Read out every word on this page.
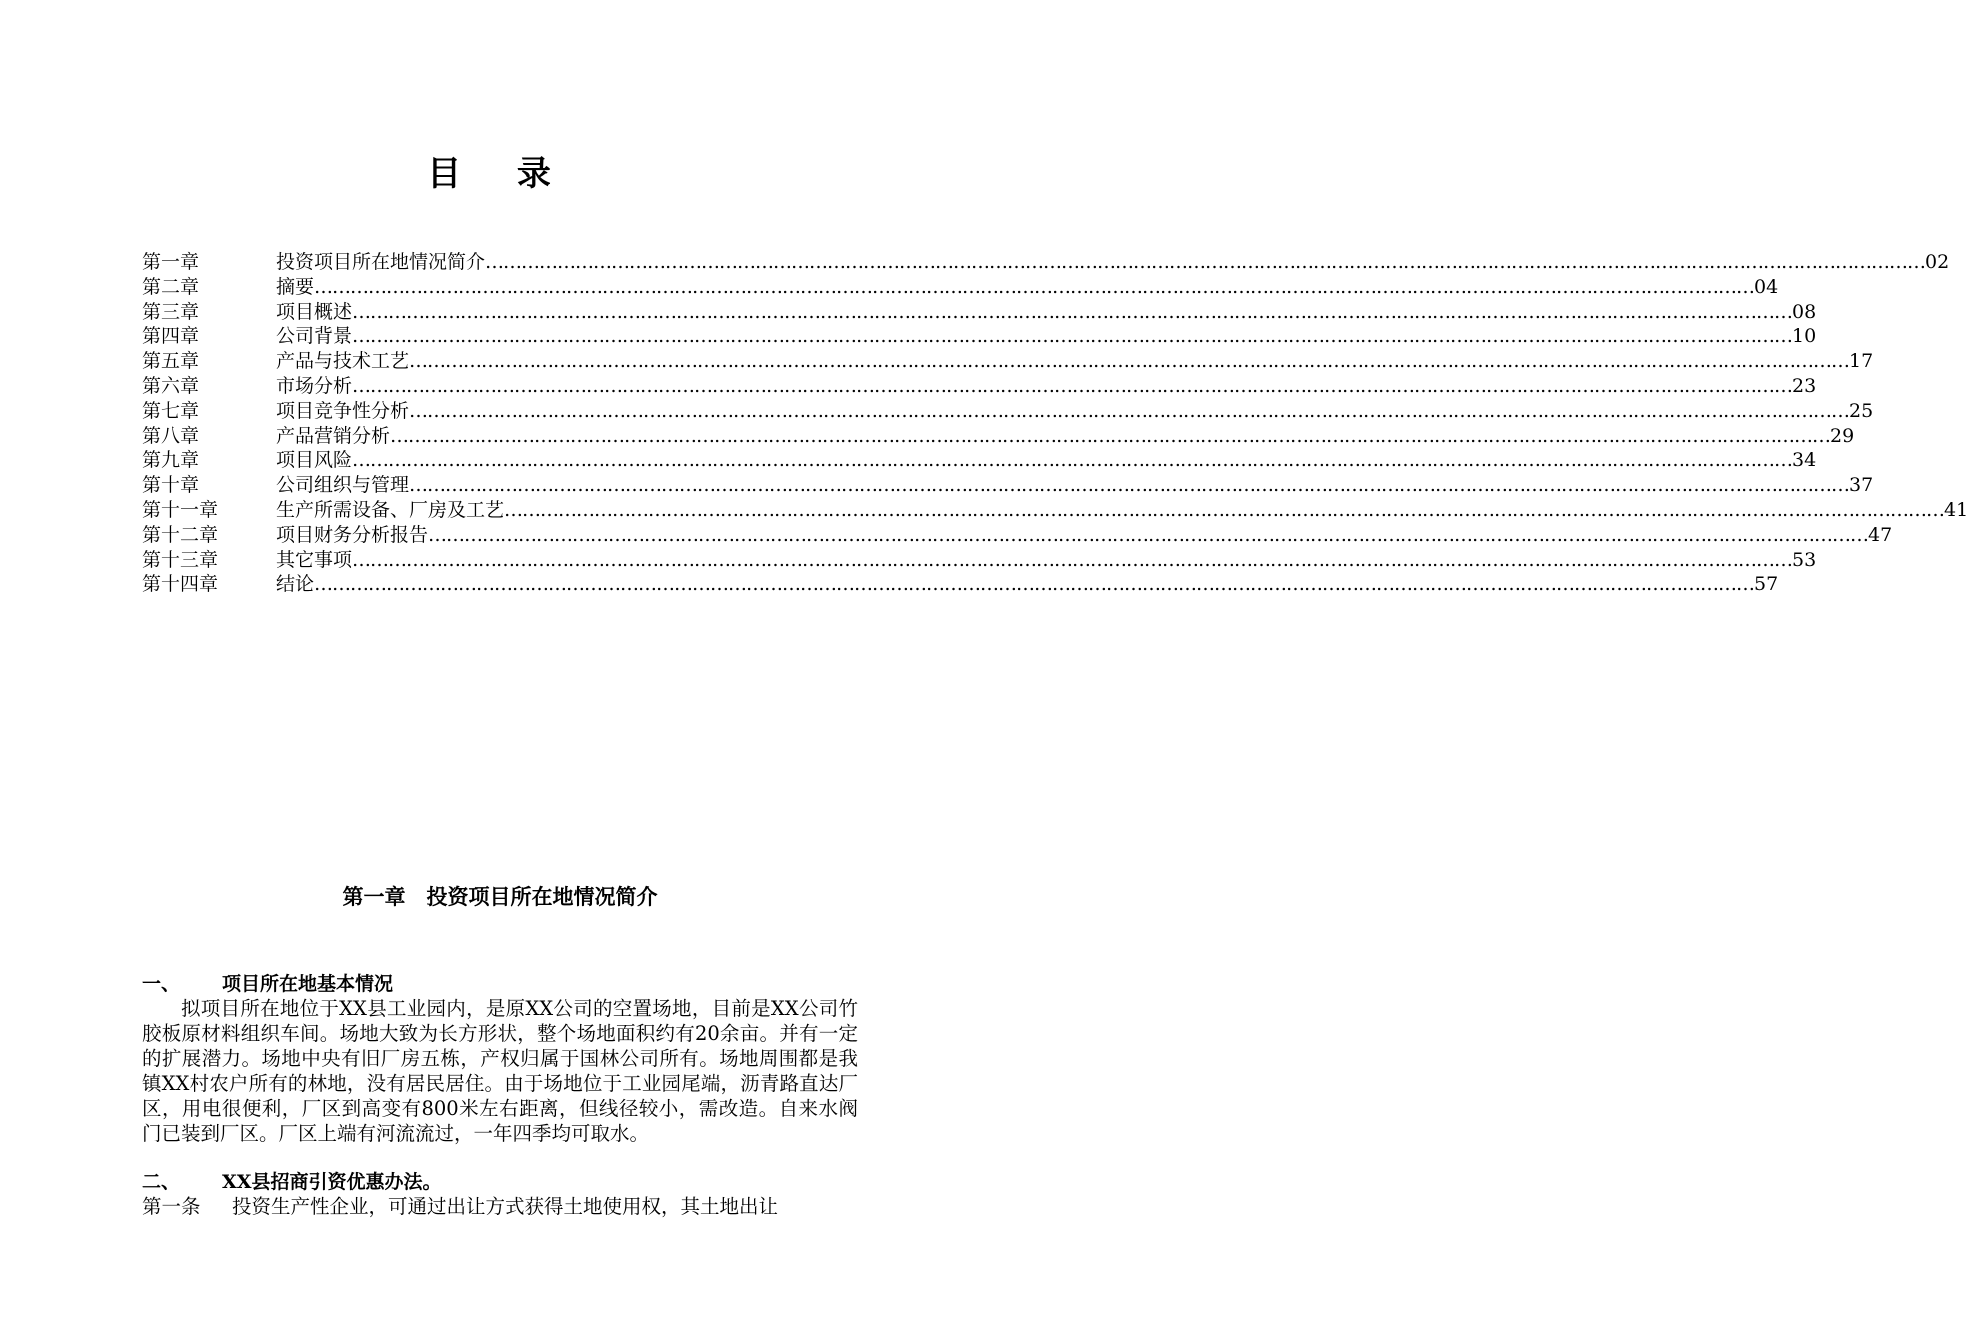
目 录
第一章	投资项目所在地情况简介 …………………………………………………………………………………………………………………………………………………………………………………………………………………… 02
第二章	摘要 …………………………………………………………………………………………………………………………………………………………………………………………………………………… 04
第三章	项目概述 …………………………………………………………………………………………………………………………………………………………………………………………………………………… 08
第四章	公司背景 …………………………………………………………………………………………………………………………………………………………………………………………………………………… 10
第五章	产品与技术工艺 …………………………………………………………………………………………………………………………………………………………………………………………………………………… 17
第六章	市场分析 …………………………………………………………………………………………………………………………………………………………………………………………………………………… 23
第七章	项目竞争性分析 …………………………………………………………………………………………………………………………………………………………………………………………………………………… 25
第八章	产品营销分析 …………………………………………………………………………………………………………………………………………………………………………………………………………………… 29
第九章	项目风险 …………………………………………………………………………………………………………………………………………………………………………………………………………………… 34
第十章	公司组织与管理 …………………………………………………………………………………………………………………………………………………………………………………………………………………… 37
第十一章	生产所需设备、厂房及工艺 …………………………………………………………………………………………………………………………………………………………………………………………………………………… 41
第十二章	项目财务分析报告 …………………………………………………………………………………………………………………………………………………………………………………………………………………… 47
第十三章	其它事项 …………………………………………………………………………………………………………………………………………………………………………………………………………………… 53
第十四章	结论 …………………………………………………………………………………………………………………………………………………………………………………………………………………… 57
第一章　投资项目所在地情况简介
一、 项目所在地基本情况
拟项目所在地位于XX县工业园内，是原XX公司的空置场地，目前是XX公司竹胶板原材料组织车间。场地大致为长方形状，整个场地面积约有20余亩。并有一定的扩展潜力。场地中央有旧厂房五栋，产权归属于国林公司所有。场地周围都是我镇XX村农户所有的林地，没有居民居住。由于场地位于工业园尾端，沥青路直达厂区，用电很便利，厂区到高变有800米左右距离，但线径较小，需改造。自来水阀门已装到厂区。厂区上端有河流流过，一年四季均可取水。
二、 XX县招商引资优惠办法。
第一条 投资生产性企业，可通过出让方式获得土地使用权，其土地出让
